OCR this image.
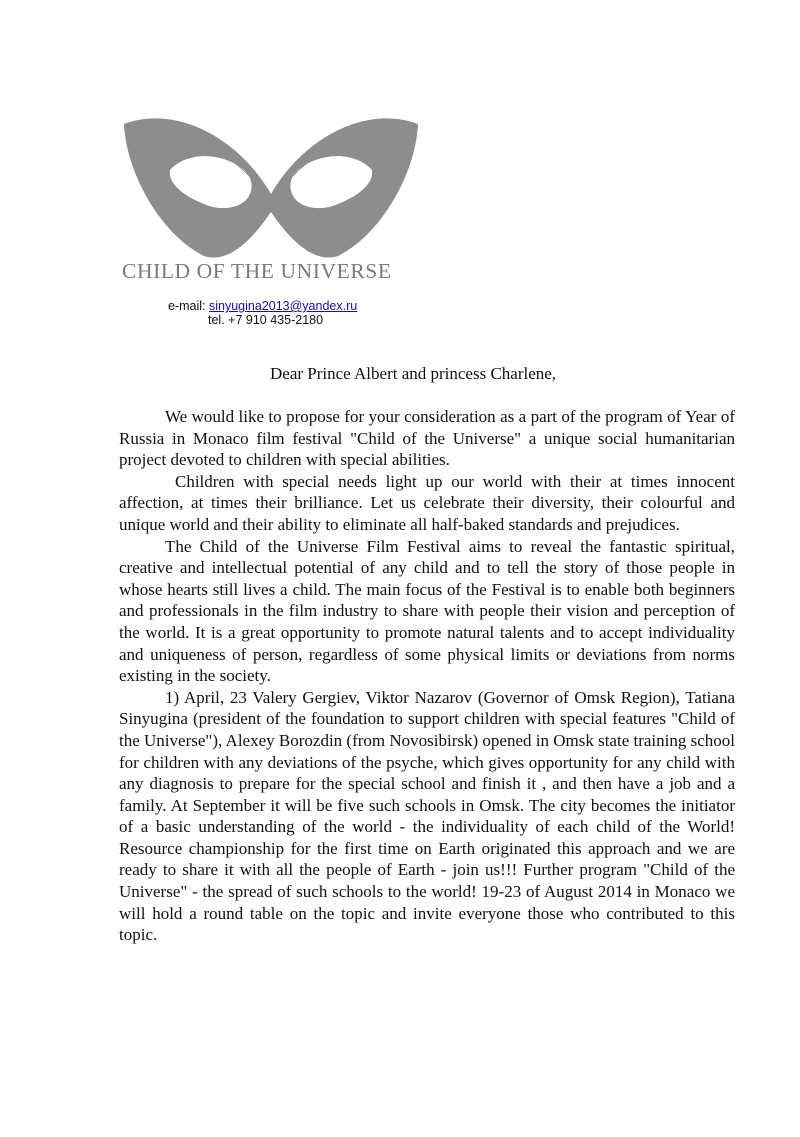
CHILD OF THE UNIVERSE
e-mail: sinyugina2013@yandex.ru
tel. +7 910 435-2180
Dear Prince Albert and princess Charlene,

We would like to propose for your consideration as a part of the program of Year of Russia in Monaco film festival "Child of the Universe" a unique social humanitarian project devoted to children with special abilities.

Children with special needs light up our world with their at times innocent affection, at times their brilliance. Let us celebrate their diversity, their colourful and unique world and their ability to eliminate all half-baked standards and prejudices.

The Child of the Universe Film Festival aims to reveal the fantastic spiritual, creative and intellectual potential of any child and to tell the story of those people in whose hearts still lives a child. The main focus of the Festival is to enable both beginners and professionals in the film industry to share with people their vision and perception of the world. It is a great opportunity to promote natural talents and to accept individuality and uniqueness of person, regardless of some physical limits or deviations from norms existing in the society.

1) April, 23 Valery Gergiev, Viktor Nazarov (Governor of Omsk Region), Tatiana Sinyugina (president of the foundation to support children with special features "Child of the Universe"), Alexey Borozdin (from Novosibirsk) opened in Omsk state training school for children with any deviations of the psyche, which gives opportunity for any child with any diagnosis to prepare for the special school and finish it , and then have a job and a family. At September it will be five such schools in Omsk. The city becomes the initiator of a basic understanding of the world - the individuality of each child of the World! Resource championship for the first time on Earth originated this approach and we are ready to share it with all the people of Earth - join us!!! Further program "Child of the Universe" - the spread of such schools to the world! 19-23 of August 2014 in Monaco we will hold a round table on the topic and invite everyone those who contributed to this topic.
